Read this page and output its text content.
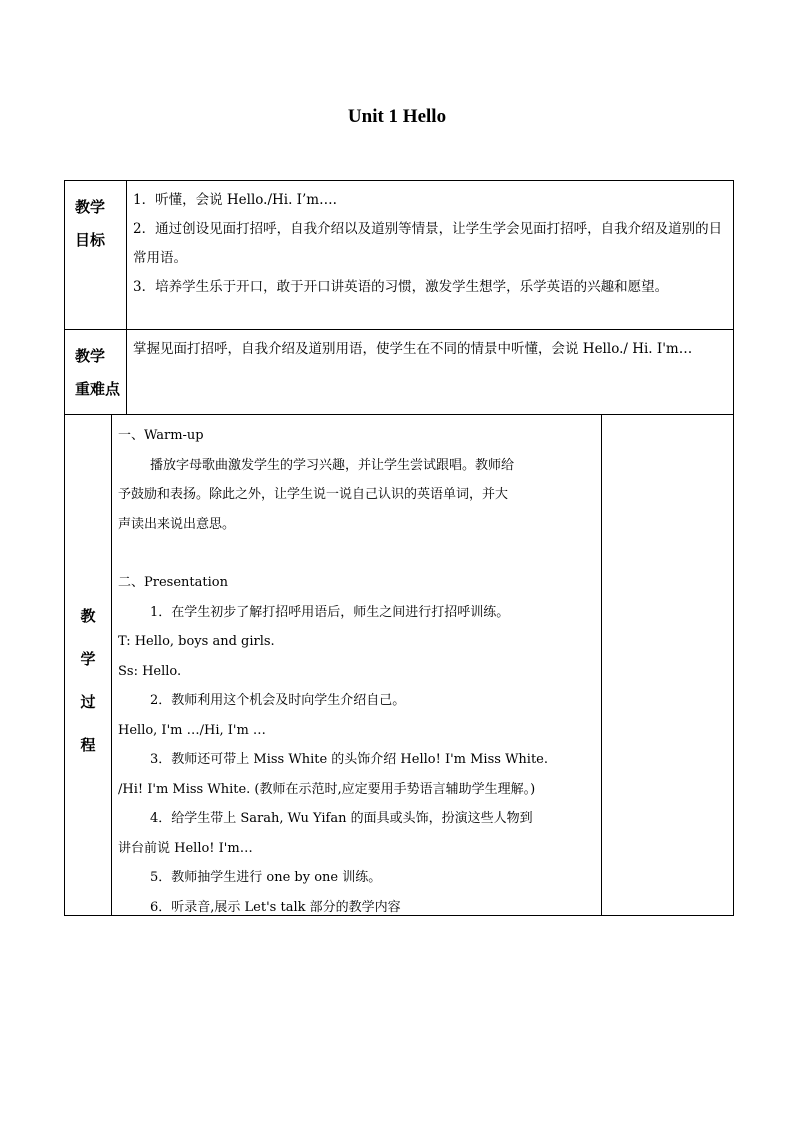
Unit 1 Hello
教学
目标

1．听懂，会说 Hello./Hi. I’m….

2．通过创设见面打招呼，自我介绍以及道别等情景，让学生学会见面打招呼，自我介绍及道别的日常用语。

3．培养学生乐于开口，敢于开口讲英语的习惯，激发学生想学，乐学英语的兴趣和愿望。

教学
重难点

掌握见面打招呼，自我介绍及道别用语，使学生在不同的情景中听懂，会说 Hello./ Hi. I'm…

教
学
过
程

一、Warm-up

播放字母歌曲激发学生的学习兴趣，并让学生尝试跟唱。教师给

予鼓励和表扬。除此之外，让学生说一说自己认识的英语单词，并大

声读出来说出意思。

二、Presentation

1．在学生初步了解打招呼用语后，师生之间进行打招呼训练。

T: Hello, boys and girls.

Ss: Hello.

2．教师利用这个机会及时向学生介绍自己。

Hello, I'm …/Hi, I'm …

3．教师还可带上 Miss White 的头饰介绍 Hello! I'm Miss White.

/Hi! I'm Miss White. (教师在示范时,应定要用手势语言辅助学生理解。)

4．给学生带上 Sarah, Wu Yifan 的面具或头饰，扮演这些人物到

讲台前说 Hello! I'm…

5．教师抽学生进行 one by one 训练。

6．听录音,展示 Let's talk 部分的教学内容
